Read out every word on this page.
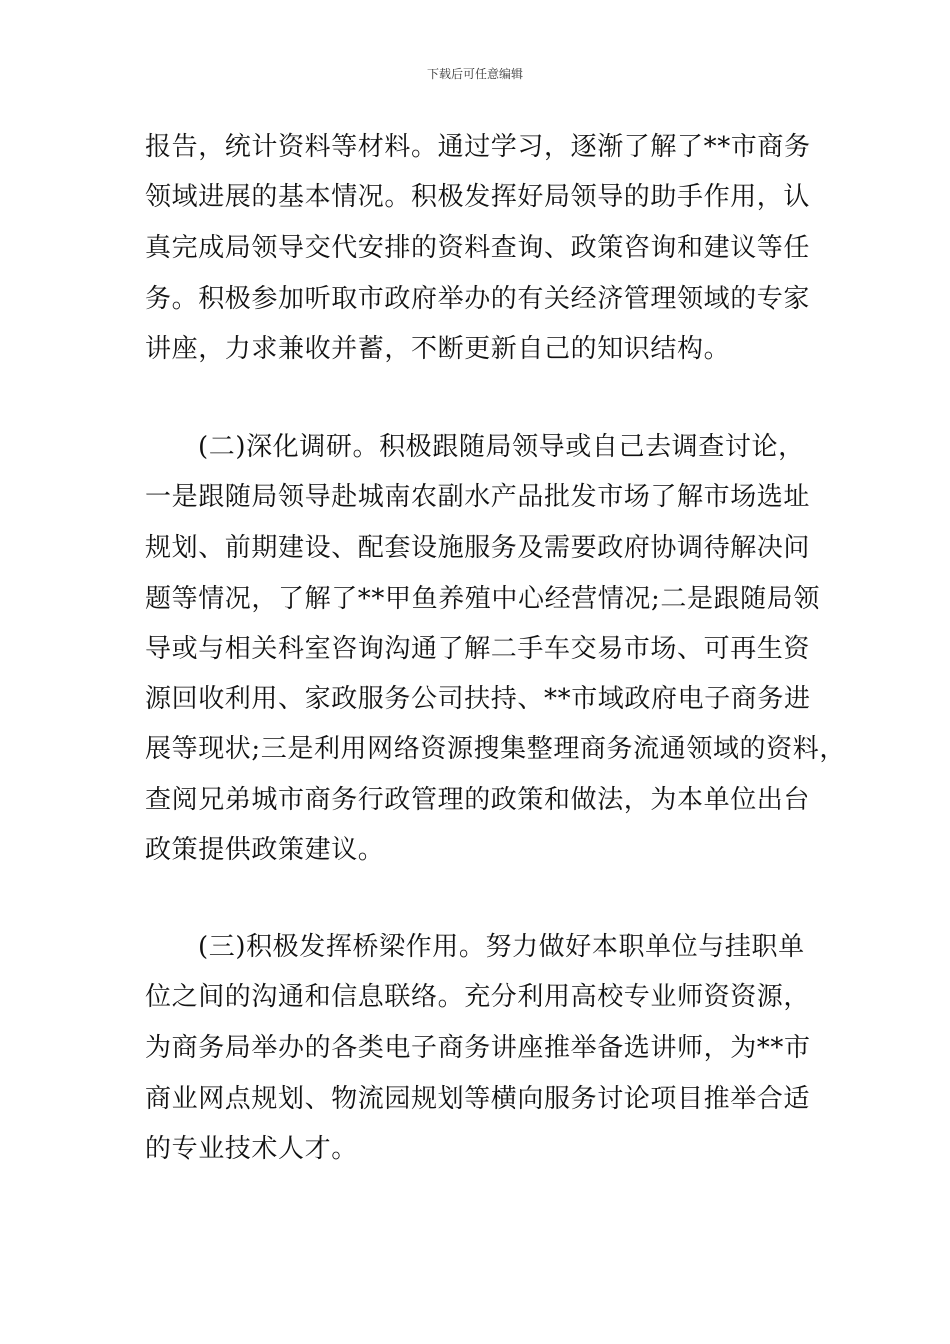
下载后可任意编辑
报告，统计资料等材料。通过学习，逐渐了解了**市商务
领域进展的基本情况。积极发挥好局领导的助手作用，认
真完成局领导交代安排的资料查询、政策咨询和建议等任
务。积极参加听取市政府举办的有关经济管理领域的专家
讲座，力求兼收并蓄，不断更新自己的知识结构。
(二)深化调研。积极跟随局领导或自己去调查讨论，
一是跟随局领导赴城南农副水产品批发市场了解市场选址
规划、前期建设、配套设施服务及需要政府协调待解决问
题等情况，了解了**甲鱼养殖中心经营情况;二是跟随局领
导或与相关科室咨询沟通了解二手车交易市场、可再生资
源回收利用、家政服务公司扶持、**市域政府电子商务进
展等现状;三是利用网络资源搜集整理商务流通领域的资料，
查阅兄弟城市商务行政管理的政策和做法，为本单位出台
政策提供政策建议。
(三)积极发挥桥梁作用。努力做好本职单位与挂职单
位之间的沟通和信息联络。充分利用高校专业师资资源，
为商务局举办的各类电子商务讲座推举备选讲师，为**市
商业网点规划、物流园规划等横向服务讨论项目推举合适
的专业技术人才。
